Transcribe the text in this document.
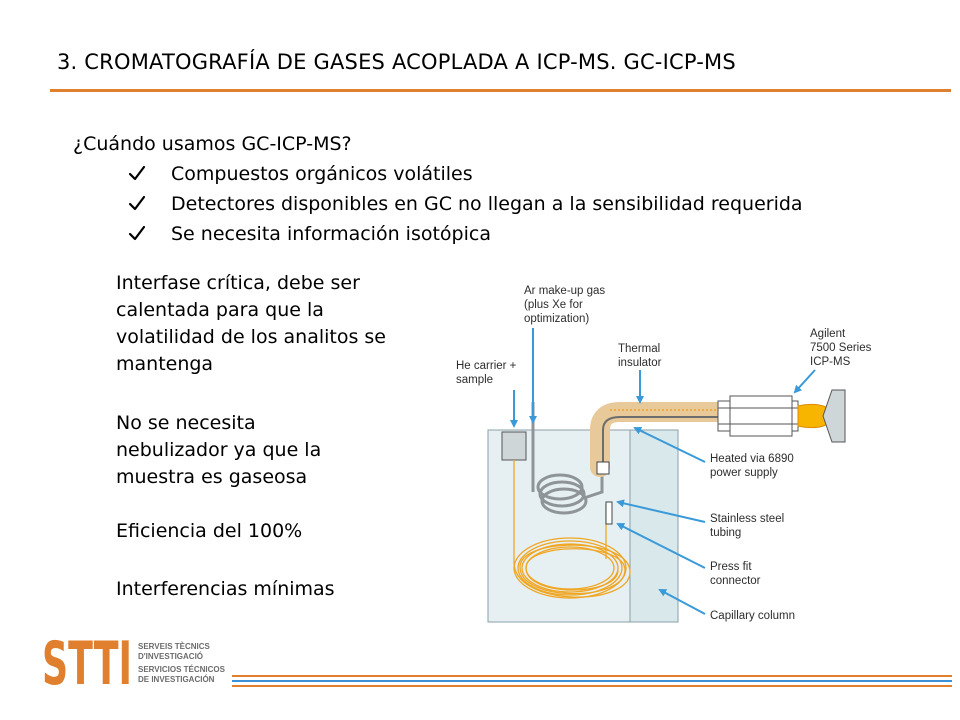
3. CROMATOGRAFÍA DE GASES ACOPLADA A ICP-MS. GC-ICP-MS
¿Cuándo usamos GC-ICP-MS?
Compuestos orgánicos volátiles
Detectores disponibles en GC no llegan a la sensibilidad requerida
Se necesita información isotópica
Interfase crítica, debe ser
calentada para que la
volatilidad de los analitos se
mantenga
No se necesita
nebulizador ya que la
muestra es gaseosa
Eficiencia del 100%
Interferencias mínimas
Ar make-up gas
(plus Xe for
optimization)
He carrier +
sample
Thermal
insulator
Agilent
7500 Series
ICP-MS
Heated via 6890
power supply
Stainless steel
tubing
Press fit
connector
Capillary column
STTI SERVEIS TÈCNICS
D'INVESTIGACIÓ
SERVICIOS TÉCNICOS
DE INVESTIGACIÓN
